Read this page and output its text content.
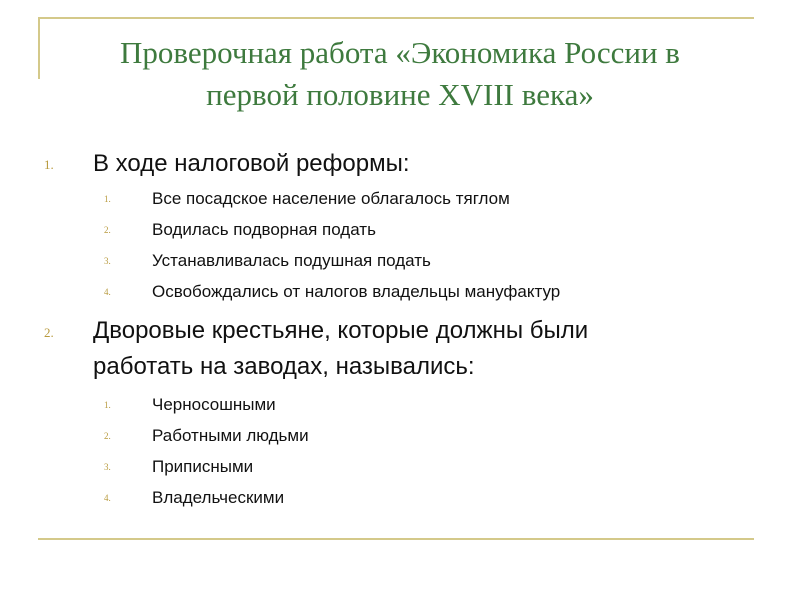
Проверочная работа «Экономика России в
первой половине XVIII века»
1. В ходе налоговой реформы:
1. Все посадское население облагалось тяглом
2. Водилась подворная подать
3. Устанавливалась подушная подать
4. Освобождались от налогов владельцы мануфактур
2. Дворовые крестьяне, которые должны были
работать на заводах, назывались:
1. Черносошными
2. Работными людьми
3. Приписными
4. Владельческими
